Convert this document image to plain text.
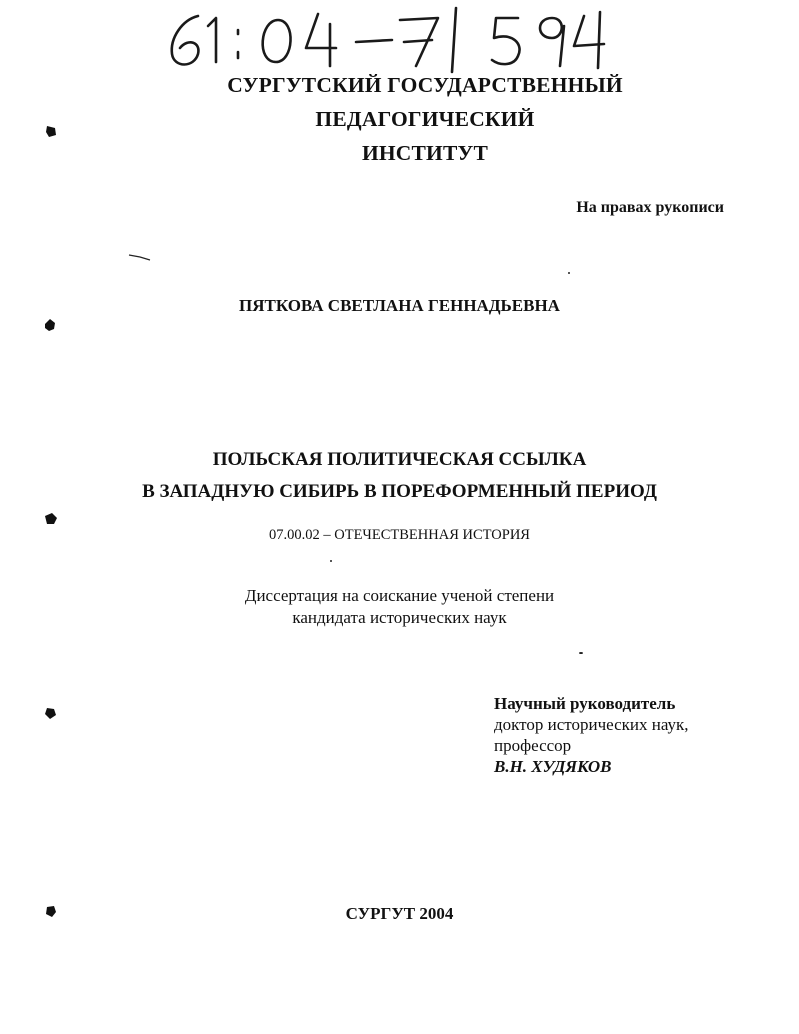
СУРГУТСКИЙ ГОСУДАРСТВЕННЫЙ ПЕДАГОГИЧЕСКИЙ
ИНСТИТУТ
На правах рукописи
ПЯТКОВА СВЕТЛАНА ГЕННАДЬЕВНА
ПОЛЬСКАЯ ПОЛИТИЧЕСКАЯ ССЫЛКА
В ЗАПАДНУЮ СИБИРЬ В ПОРЕФОРМЕННЫЙ ПЕРИОД
07.00.02 – ОТЕЧЕСТВЕННАЯ ИСТОРИЯ
Диссертация на соискание ученой степени
кандидата исторических наук
Научный руководитель
доктор исторических наук,
профессор
В.Н. ХУДЯКОВ
СУРГУТ 2004
